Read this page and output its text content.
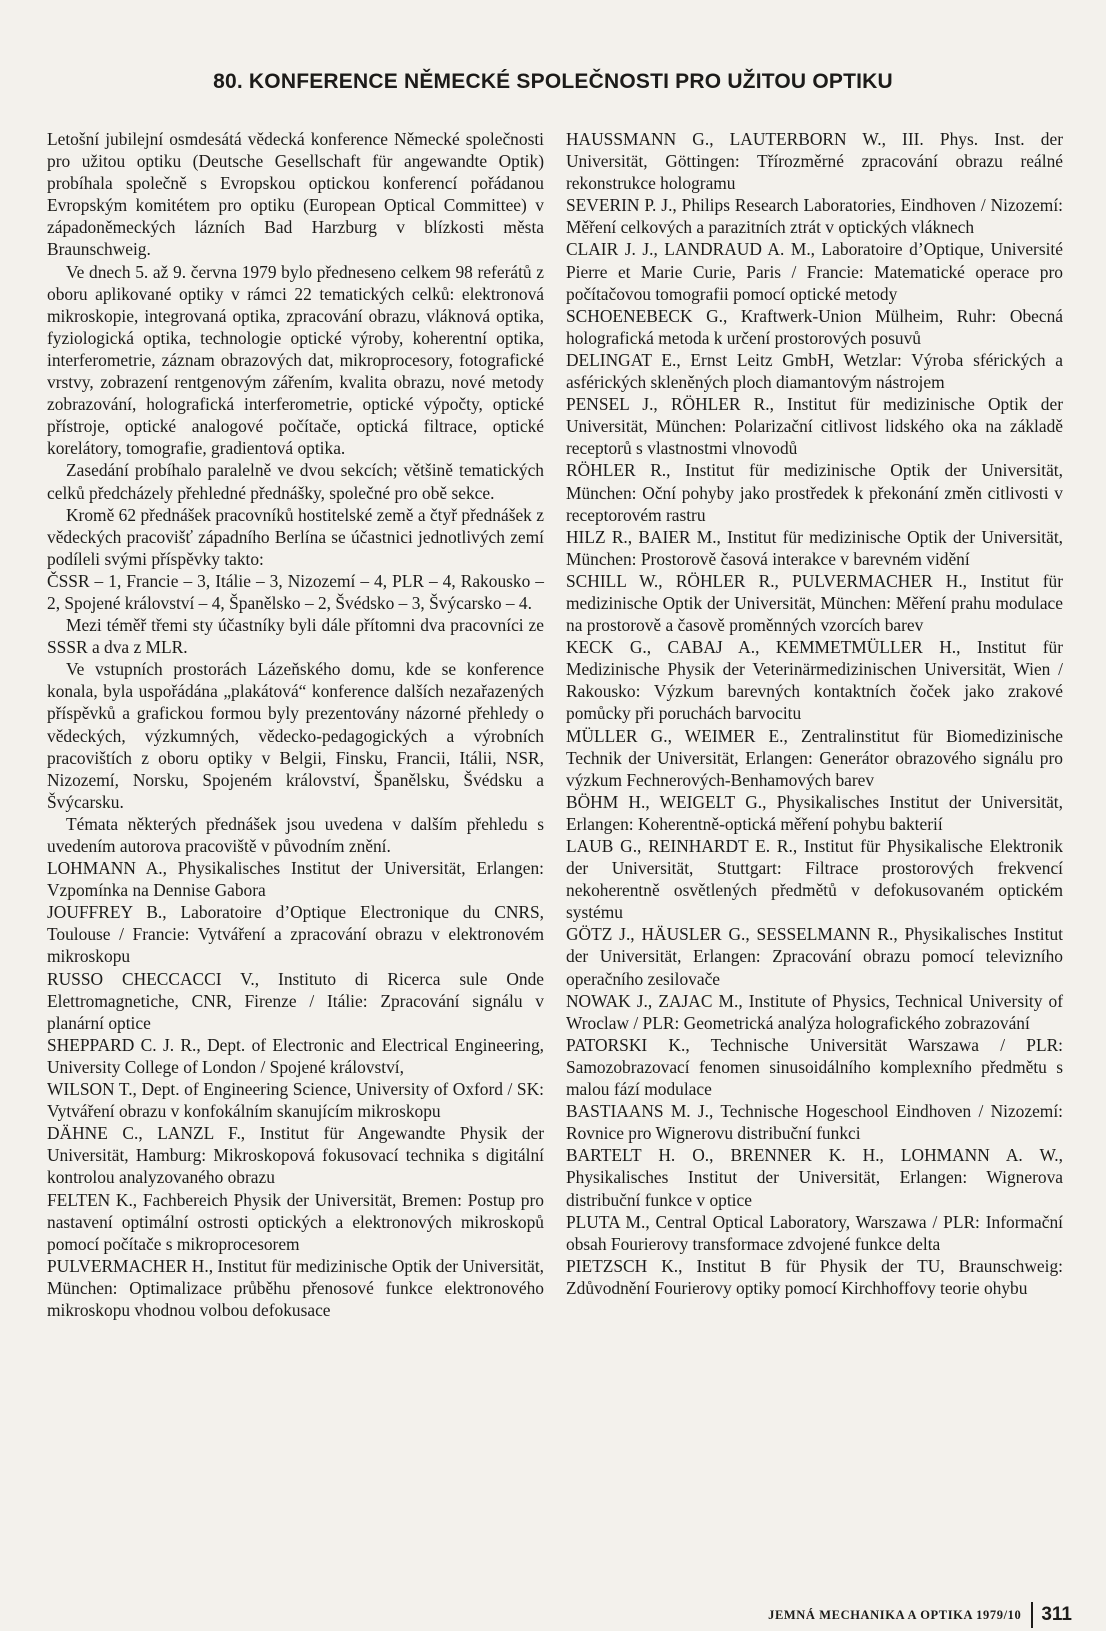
80. KONFERENCE NĚMECKÉ SPOLEČNOSTI PRO UŽITOU OPTIKU

Letošní jubilejní osmdesátá vědecká konference Německé společnosti pro užitou optiku (Deutsche Gesellschaft für angewandte Optik) probíhala společně s Evropskou optickou konferencí pořádanou Evropským komitétem pro optiku (European Optical Committee) v západoněmeckých lázních Bad Harzburg v blízkosti města Braunschweig.

Ve dnech 5. až 9. června 1979 bylo předneseno celkem 98 referátů z oboru aplikované optiky v rámci 22 tematických celků: elektronová mikroskopie, integrovaná optika, zpracování obrazu, vláknová optika, fyziologická optika, technologie optické výroby, koherentní optika, interferometrie, záznam obrazových dat, mikroprocesory, fotografické vrstvy, zobrazení rentgenovým zářením, kvalita obrazu, nové metody zobrazování, holografická interferometrie, optické výpočty, optické přístroje, optické analogové počítače, optická filtrace, optické korelátory, tomografie, gradientová optika.

Zasedání probíhalo paralelně ve dvou sekcích; většině tematických celků předcházely přehledné přednášky, společné pro obě sekce.

Kromě 62 přednášek pracovníků hostitelské země a čtyř přednášek z vědeckých pracovišť západního Berlína se účastnici jednotlivých zemí podíleli svými příspěvky takto:

ČSSR – 1, Francie – 3, Itálie – 3, Nizozemí – 4, PLR – 4, Rakousko – 2, Spojené království – 4, Španělsko – 2, Švédsko – 3, Švýcarsko – 4.

Mezi téměř třemi sty účastníky byli dále přítomni dva pracovníci ze SSSR a dva z MLR.

Ve vstupních prostorách Lázeňského domu, kde se konference konala, byla uspořádána „plakátová“ konference dalších nezařazených příspěvků a grafickou formou byly prezentovány názorné přehledy o vědeckých, výzkumných, vědecko-pedagogických a výrobních pracovištích z oboru optiky v Belgii, Finsku, Francii, Itálii, NSR, Nizozemí, Norsku, Spojeném království, Španělsku, Švédsku a Švýcarsku.

Témata některých přednášek jsou uvedena v dalším přehledu s uvedením autorova pracoviště v původním znění.

LOHMANN A., Physikalisches Institut der Universität, Erlangen: Vzpomínka na Dennise Gabora

JOUFFREY B., Laboratoire d’Optique Electronique du CNRS, Toulouse / Francie: Vytváření a zpracování obrazu v elektronovém mikroskopu

RUSSO CHECCACCI V., Instituto di Ricerca sule Onde Elettromagnetiche, CNR, Firenze / Itálie: Zpracování signálu v planární optice

SHEPPARD C. J. R., Dept. of Electronic and Electrical Engineering, University College of London / Spojené království,

WILSON T., Dept. of Engineering Science, University of Oxford / SK: Vytváření obrazu v konfokálním skanujícím mikroskopu

DÄHNE C., LANZL F., Institut für Angewandte Physik der Universität, Hamburg: Mikroskopová fokusovací technika s digitální kontrolou analyzovaného obrazu

FELTEN K., Fachbereich Physik der Universität, Bremen: Postup pro nastavení optimální ostrosti optických a elektronových mikroskopů pomocí počítače s mikroprocesorem

PULVERMACHER H., Institut für medizinische Optik der Universität, München: Optimalizace průběhu přenosové funkce elektronového mikroskopu vhodnou volbou defokusace

HAUSSMANN G., LAUTERBORN W., III. Phys. Inst. der Universität, Göttingen: Třírozměrné zpracování obrazu reálné rekonstrukce hologramu

SEVERIN P. J., Philips Research Laboratories, Eindhoven / Nizozemí: Měření celkových a parazitních ztrát v optických vláknech

CLAIR J. J., LANDRAUD A. M., Laboratoire d’Optique, Université Pierre et Marie Curie, Paris / Francie: Matematické operace pro počítačovou tomografii pomocí optické metody

SCHOENEBECK G., Kraftwerk-Union Mülheim, Ruhr: Obecná holografická metoda k určení prostorových posuvů

DELINGAT E., Ernst Leitz GmbH, Wetzlar: Výroba sférických a asférických skleněných ploch diamantovým nástrojem

PENSEL J., RÖHLER R., Institut für medizinische Optik der Universität, München: Polarizační citlivost lidského oka na základě receptorů s vlastnostmi vlnovodů

RÖHLER R., Institut für medizinische Optik der Universität, München: Oční pohyby jako prostředek k překonání změn citlivosti v receptorovém rastru

HILZ R., BAIER M., Institut für medizinische Optik der Universität, München: Prostorově časová interakce v barevném vidění

SCHILL W., RÖHLER R., PULVERMACHER H., Institut für medizinische Optik der Universität, München: Měření prahu modulace na prostorově a časově proměnných vzorcích barev

KECK G., CABAJ A., KEMMETMÜLLER H., Institut für Medizinische Physik der Veterinärmedizinischen Universität, Wien / Rakousko: Výzkum barevných kontaktních čoček jako zrakové pomůcky při poruchách barvocitu

MÜLLER G., WEIMER E., Zentralinstitut für Biomedizinische Technik der Universität, Erlangen: Generátor obrazového signálu pro výzkum Fechnerových-Benhamových barev

BÖHM H., WEIGELT G., Physikalisches Institut der Universität, Erlangen: Koherentně-optická měření pohybu bakterií

LAUB G., REINHARDT E. R., Institut für Physikalische Elektronik der Universität, Stuttgart: Filtrace prostorových frekvencí nekoherentně osvětlených předmětů v defokusovaném optickém systému

GÖTZ J., HÄUSLER G., SESSELMANN R., Physikalisches Institut der Universität, Erlangen: Zpracování obrazu pomocí televizního operačního zesilovače

NOWAK J., ZAJAC M., Institute of Physics, Technical University of Wroclaw / PLR: Geometrická analýza holografického zobrazování

PATORSKI K., Technische Universität Warszawa / PLR: Samozobrazovací fenomen sinusoidálního komplexního předmětu s malou fází modulace

BASTIAANS M. J., Technische Hogeschool Eindhoven / Nizozemí: Rovnice pro Wignerovu distribuční funkci

BARTELT H. O., BRENNER K. H., LOHMANN A. W., Physikalisches Institut der Universität, Erlangen: Wignerova distribuční funkce v optice

PLUTA M., Central Optical Laboratory, Warszawa / PLR: Informační obsah Fourierovy transformace zdvojené funkce delta

PIETZSCH K., Institut B für Physik der TU, Braunschweig: Zdůvodnění Fourierovy optiky pomocí Kirchhoffovy teorie ohybu

JEMNÁ MECHANIKA A OPTIKA 1979/10 311
